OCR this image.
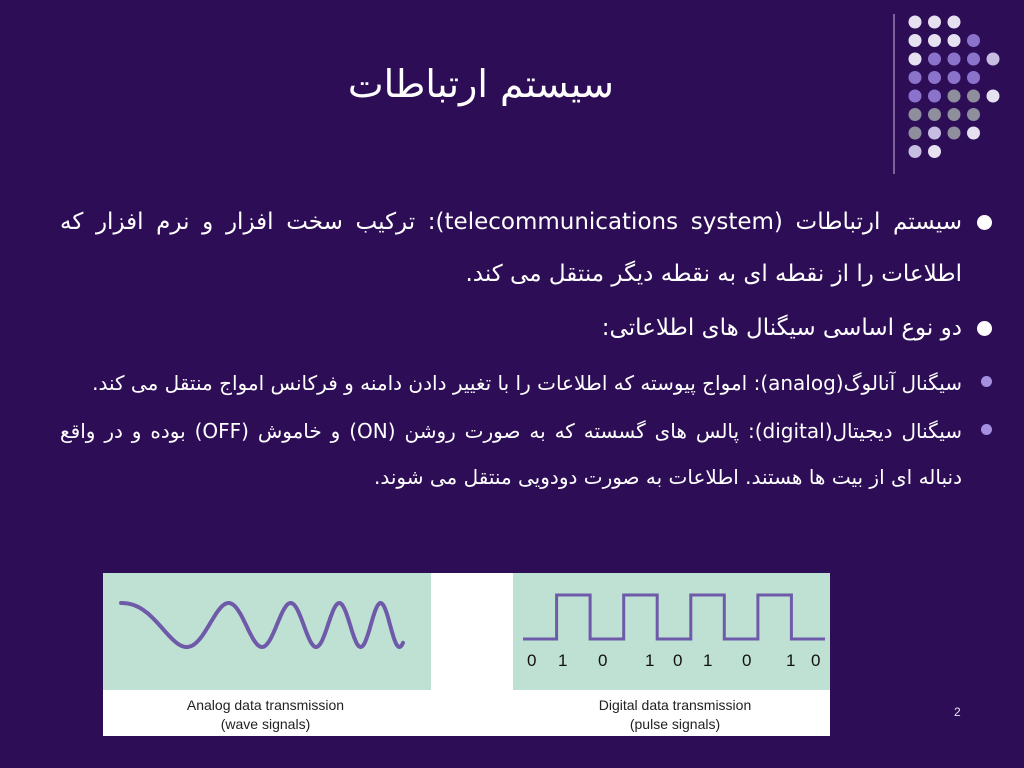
سیستم ارتباطات

سیستم ارتباطات (telecommunications system): ترکیب سخت افزار و نرم افزار که اطلاعات را از نقطه ای به نقطه دیگر منتقل می کند.

دو نوع اساسی سیگنال های اطلاعاتی:

سیگنال آنالوگ(analog): امواج پیوسته که اطلاعات را با تغییر دادن دامنه و فرکانس امواج منتقل می کند.

سیگنال دیجیتال(digital): پالس های گسسته که به صورت روشن (ON) و خاموش (OFF) بوده و در واقع دنباله ای از بیت ها هستند. اطلاعات به صورت دودویی منتقل می شوند.

0 1 0 1 0 1 0 1 0
Analog data transmission
(wave signals)
Digital data transmission
(pulse signals)
2
